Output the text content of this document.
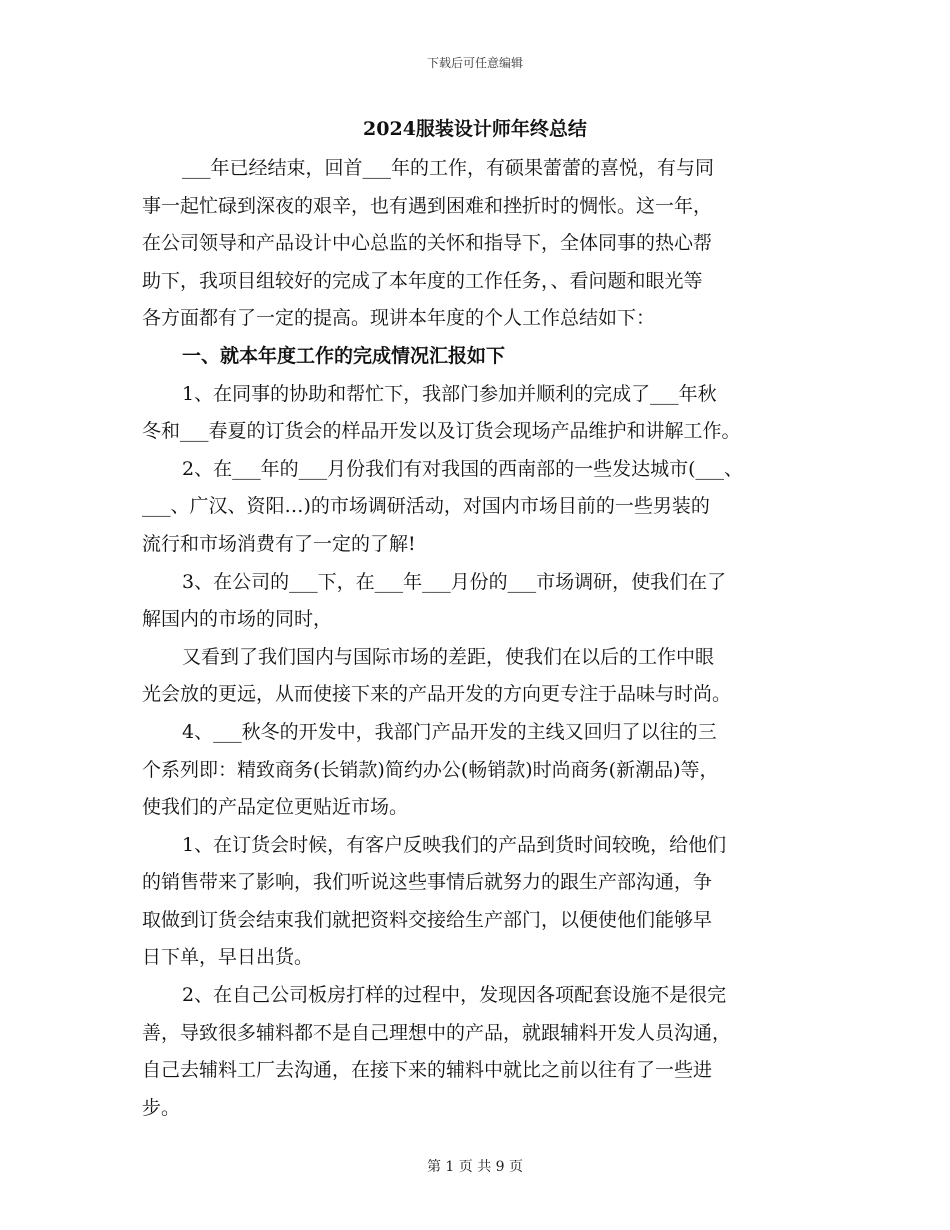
下载后可任意编辑
2024服装设计师年终总结
___年已经结束，回首___年的工作，有硕果蕾蕾的喜悦，有与同
事一起忙碌到深夜的艰辛，也有遇到困难和挫折时的惆怅。这一年，
在公司领导和产品设计中心总监的关怀和指导下，全体同事的热心帮
助下，我项目组较好的完成了本年度的工作任务，、看问题和眼光等
各方面都有了一定的提高。现讲本年度的个人工作总结如下：
一、就本年度工作的完成情况汇报如下
1、在同事的协助和帮忙下，我部门参加并顺利的完成了___年秋
冬和___春夏的订货会的样品开发以及订货会现场产品维护和讲解工作。
2、在___年的___月份我们有对我国的西南部的一些发达城市(___、
___、广汉、资阳…)的市场调研活动，对国内市场目前的一些男装的
流行和市场消费有了一定的了解!
3、在公司的___下，在___年___月份的___市场调研，使我们在了
解国内的市场的同时，
又看到了我们国内与国际市场的差距，使我们在以后的工作中眼
光会放的更远，从而使接下来的产品开发的方向更专注于品味与时尚。
4、___秋冬的开发中，我部门产品开发的主线又回归了以往的三
个系列即：精致商务(长销款)简约办公(畅销款)时尚商务(新潮品)等，
使我们的产品定位更贴近市场。
1、在订货会时候，有客户反映我们的产品到货时间较晚，给他们
的销售带来了影响，我们听说这些事情后就努力的跟生产部沟通，争
取做到订货会结束我们就把资料交接给生产部门，以便使他们能够早
日下单，早日出货。
2、在自己公司板房打样的过程中，发现因各项配套设施不是很完
善，导致很多辅料都不是自己理想中的产品，就跟辅料开发人员沟通，
自己去辅料工厂去沟通，在接下来的辅料中就比之前以往有了一些进
步。
第 1 页 共 9 页
